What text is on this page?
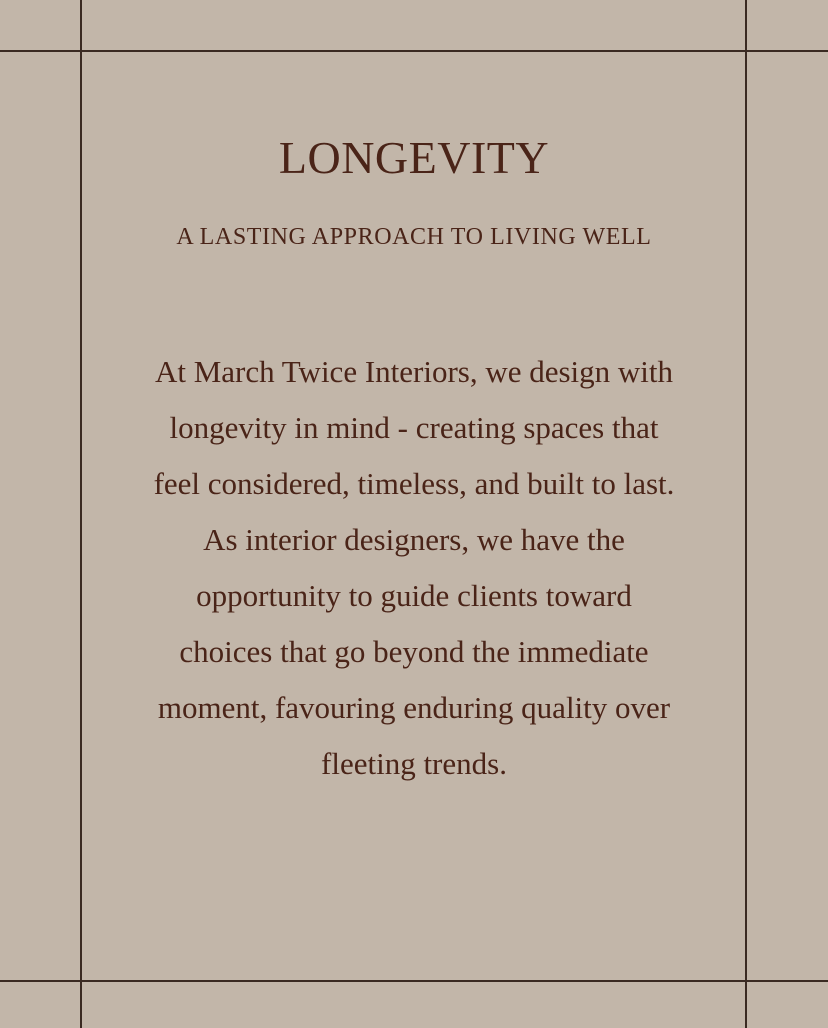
LONGEVITY
A LASTING APPROACH TO LIVING WELL
At March Twice Interiors, we design with
longevity in mind - creating spaces that
feel considered, timeless, and built to last.
As interior designers, we have the
opportunity to guide clients toward
choices that go beyond the immediate
moment, favouring enduring quality over
fleeting trends.
